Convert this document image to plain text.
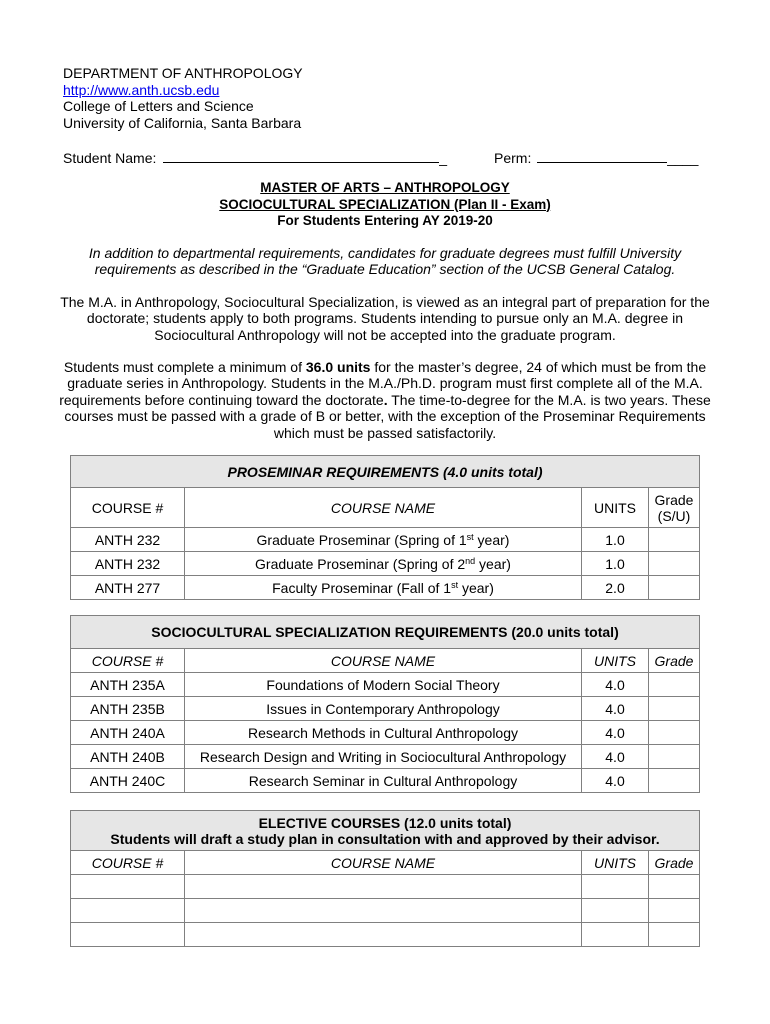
DEPARTMENT OF ANTHROPOLOGY
http://www.anth.ucsb.edu
College of Letters and Science
University of California, Santa Barbara
Student Name:	_	Perm:	____
MASTER OF ARTS – ANTHROPOLOGY
SOCIOCULTURAL SPECIALIZATION (Plan II - Exam)
For Students Entering AY 2019-20
In addition to departmental requirements, candidates for graduate degrees must fulfill University requirements as described in the “Graduate Education” section of the UCSB General Catalog.
The M.A. in Anthropology, Sociocultural Specialization, is viewed as an integral part of preparation for the doctorate; students apply to both programs. Students intending to pursue only an M.A. degree in Sociocultural Anthropology will not be accepted into the graduate program.
Students must complete a minimum of 36.0 units for the master’s degree, 24 of which must be from the graduate series in Anthropology. Students in the M.A./Ph.D. program must first complete all of the M.A. requirements before continuing toward the doctorate. The time-to-degree for the M.A. is two years. These courses must be passed with a grade of B or better, with the exception of the Proseminar Requirements which must be passed satisfactorily.
PROSEMINAR REQUIREMENTS (4.0 units total)			
COURSE #	COURSE NAME	UNITS	Grade
(S/U)
ANTH 232	Graduate Proseminar (Spring of 1st year)	1.0	
ANTH 232	Graduate Proseminar (Spring of 2nd year)	1.0	
ANTH 277	Faculty Proseminar (Fall of 1st year)	2.0	
SOCIOCULTURAL SPECIALIZATION REQUIREMENTS (20.0 units total)			
COURSE #	COURSE NAME	UNITS	Grade
ANTH 235A	Foundations of Modern Social Theory	4.0	
ANTH 235B	Issues in Contemporary Anthropology	4.0	
ANTH 240A	Research Methods in Cultural Anthropology	4.0	
ANTH 240B	Research Design and Writing in Sociocultural Anthropology	4.0	
ANTH 240C	Research Seminar in Cultural Anthropology	4.0	
ELECTIVE COURSES (12.0 units total)
Students will draft a study plan in consultation with and approved by their advisor.			
COURSE #	COURSE NAME	UNITS	Grade
